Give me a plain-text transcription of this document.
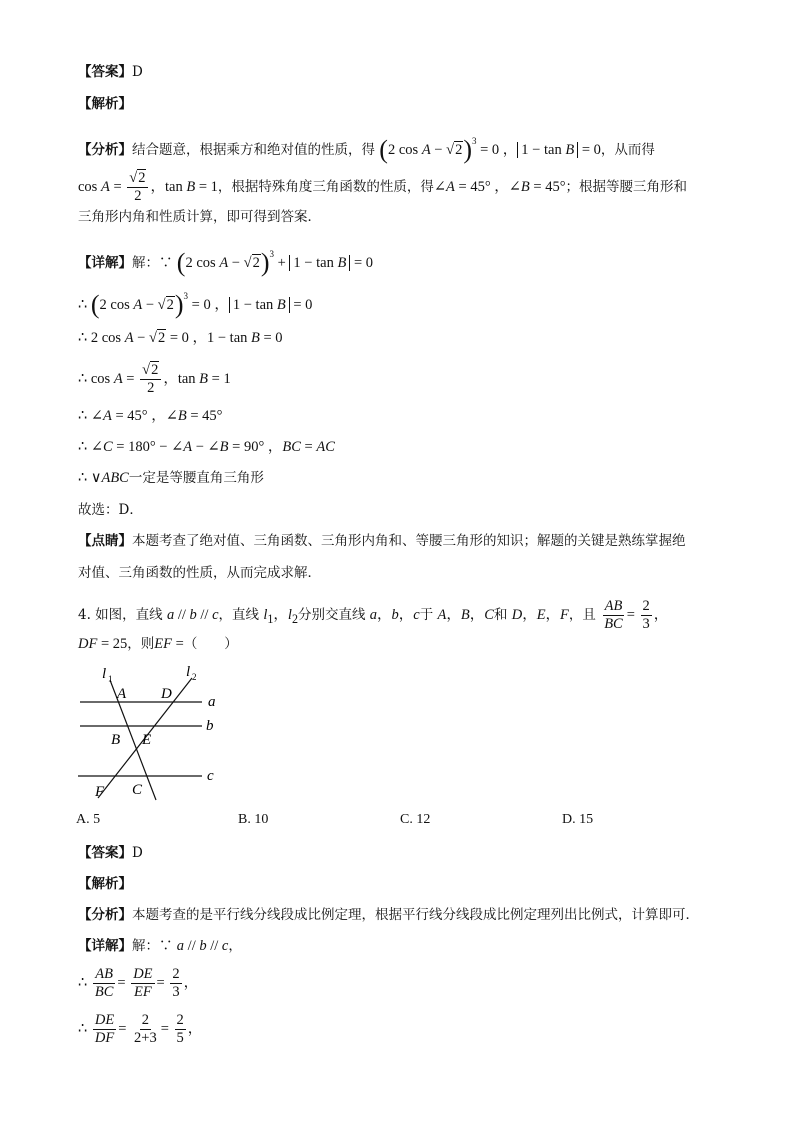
【答案】D
【解析】
【分析】结合题意，根据乘方和绝对值的性质，得 (2 cos A − √2)$^3$ = 0 ， 1 − tan B = 0，从而得
$\cos A = \frac{√2}{2}$ ，tan B = 1，根据特殊角度三角函数的性质，得∠A = 45° ，∠B = 45°；根据等腰三角形和
三角形内角和性质计算，即可得到答案．
【详解】解：∵ (2 cos A − √2)$^3$ + 1 − tan B = 0
∴ (2 cos A − √2)$^3$ = 0 ， 1 − tan B = 0
∴ 2 cos A − √2 = 0 ，1 − tan B = 0
∴ $\cos A = \frac{√2}{2}$ ，tan B = 1
∴ ∠A = 45° ，∠B = 45°
∴ ∠C = 180° − ∠A − ∠B = 90° ，BC = AC
∴ ∨ABC一定是等腰直角三角形
故选：D．
【点睛】本题考查了绝对值、三角函数、三角形内角和、等腰三角形的知识；解题的关键是熟练掌握绝
对值、三角函数的性质，从而完成求解．
4. 如图，直线 a // b // c，直线 $l_1$，$l_2$分别交直线 a，b，c于 A，B，C和 D，E，F，且 $\frac{AB}{BC} = \frac{2}{3}$ ，
DF = 25，则EF =（　　）
l 1	l 2
A D a
b
B E
c
F C
A. 5	B. 10	C. 12	D. 15
【答案】D
【解析】
【分析】本题考查的是平行线分线段成比例定理，根据平行线分线段成比例定理列出比例式，计算即可．
【详解】解：∵ a // b // c，
∴ $\frac{AB}{BC} = \frac{DE}{EF} = \frac{2}{3}$ ，
∴ $\frac{DE}{DF} = \frac{2}{2+3} = \frac{2}{5}$ ，
